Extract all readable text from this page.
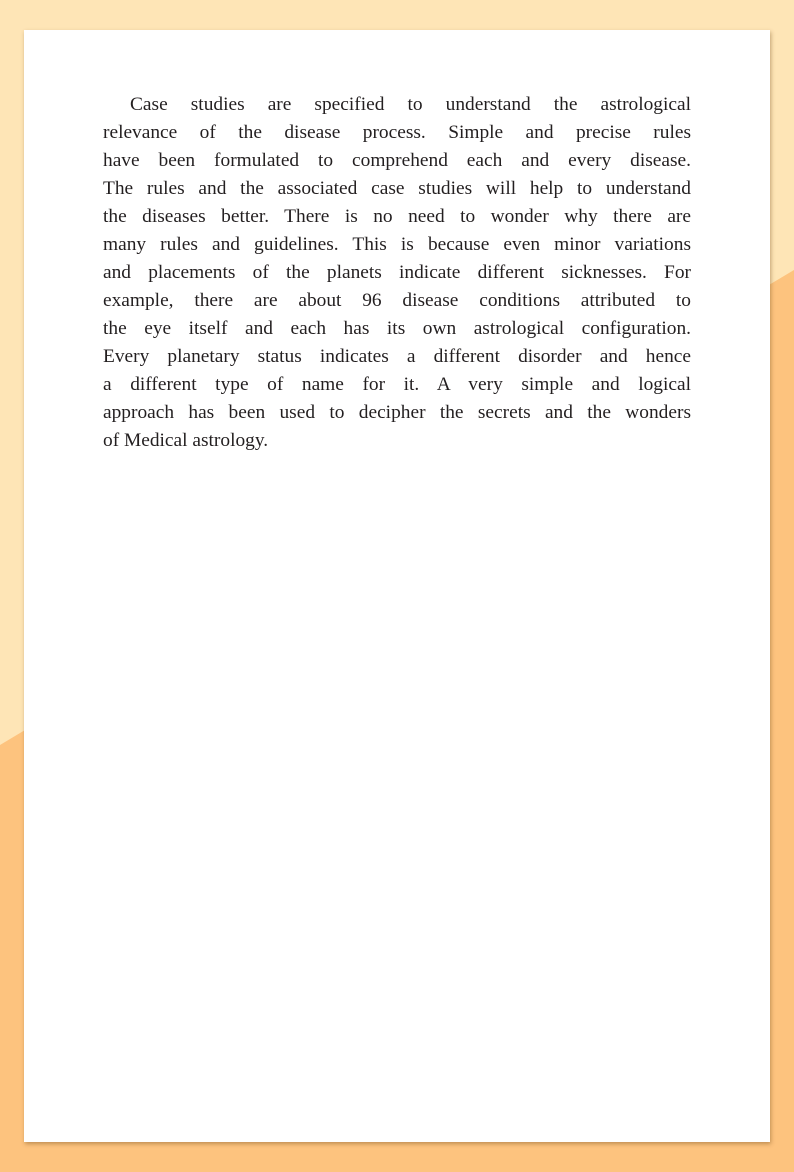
Case studies are specified to understand the astrological
relevance of the disease process. Simple and precise rules
have been formulated to comprehend each and every disease.
The rules and the associated case studies will help to understand
the diseases better. There is no need to wonder why there are
many rules and guidelines. This is because even minor variations
and placements of the planets indicate different sicknesses. For
example, there are about 96 disease conditions attributed to
the eye itself and each has its own astrological configuration.
Every planetary status indicates a different disorder and hence
a different type of name for it. A very simple and logical
approach has been used to decipher the secrets and the wonders
of Medical astrology.
